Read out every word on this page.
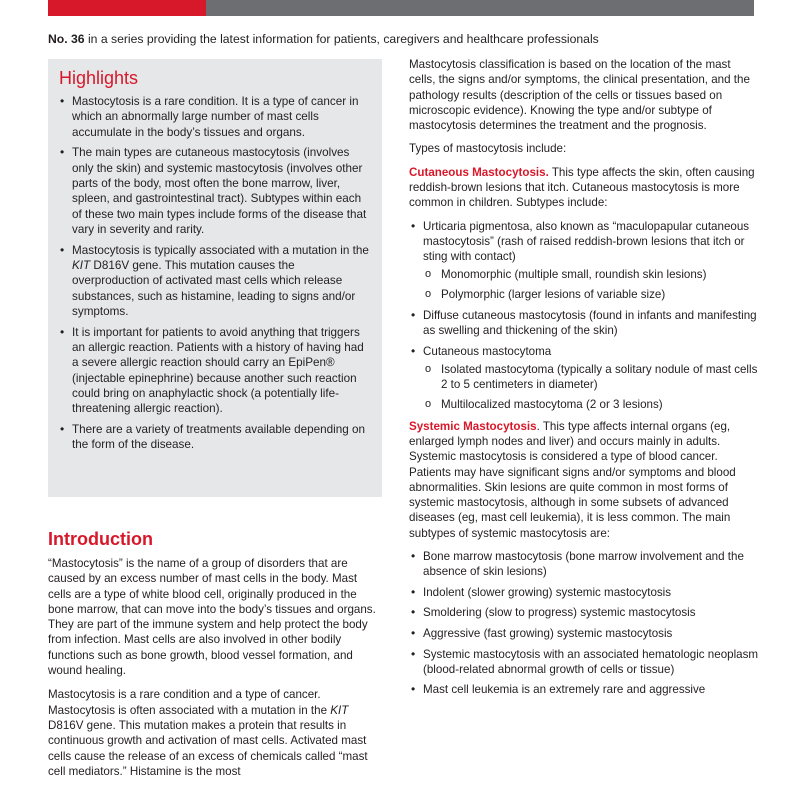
No. 36 in a series providing the latest information for patients, caregivers and healthcare professionals
Highlights
• Mastocytosis is a rare condition. It is a type of cancer in which an abnormally large number of mast cells accumulate in the body’s tissues and organs.
• The main types are cutaneous mastocytosis (involves only the skin) and systemic mastocytosis (involves other parts of the body, most often the bone marrow, liver, spleen, and gastrointestinal tract). Subtypes within each of these two main types include forms of the disease that vary in severity and rarity.
• Mastocytosis is typically associated with a mutation in the KIT D816V gene. This mutation causes the overproduction of activated mast cells which release substances, such as histamine, leading to signs and/or symptoms.
• It is important for patients to avoid anything that triggers an allergic reaction. Patients with a history of having had a severe allergic reaction should carry an EpiPen® (injectable epinephrine) because another such reaction could bring on anaphylactic shock (a potentially life-threatening allergic reaction).
• There are a variety of treatments available depending on the form of the disease.
Introduction

“Mastocytosis” is the name of a group of disorders that are caused by an excess number of mast cells in the body. Mast cells are a type of white blood cell, originally produced in the bone marrow, that can move into the body’s tissues and organs. They are part of the immune system and help protect the body from infection. Mast cells are also involved in other bodily functions such as bone growth, blood vessel formation, and wound healing.

Mastocytosis is a rare condition and a type of cancer. Mastocytosis is often associated with a mutation in the KIT D816V gene. This mutation makes a protein that results in continuous growth and activation of mast cells. Activated mast cells cause the release of an excess of chemicals called “mast cell mediators.” Histamine is the most

Mastocytosis classification is based on the location of the mast cells, the signs and/or symptoms, the clinical presentation, and the pathology results (description of the cells or tissues based on microscopic evidence). Knowing the type and/or subtype of mastocytosis determines the treatment and the prognosis.

Types of mastocytosis include:

Cutaneous Mastocytosis. This type affects the skin, often causing reddish-brown lesions that itch. Cutaneous mastocytosis is more common in children. Subtypes include:

• Urticaria pigmentosa, also known as “maculopapular cutaneous mastocytosis” (rash of raised reddish-brown lesions that itch or sting with contact)
o Monomorphic (multiple small, roundish skin lesions)
o Polymorphic (larger lesions of variable size)
• Diffuse cutaneous mastocytosis (found in infants and manifesting as swelling and thickening of the skin)
• Cutaneous mastocytoma
o Isolated mastocytoma (typically a solitary nodule of mast cells 2 to 5 centimeters in diameter)
o Multilocalized mastocytoma (2 or 3 lesions)

Systemic Mastocytosis. This type affects internal organs (eg, enlarged lymph nodes and liver) and occurs mainly in adults. Systemic mastocytosis is considered a type of blood cancer. Patients may have significant signs and/or symptoms and blood abnormalities. Skin lesions are quite common in most forms of systemic mastocytosis, although in some subsets of advanced diseases (eg, mast cell leukemia), it is less common. The main subtypes of systemic mastocytosis are:

• Bone marrow mastocytosis (bone marrow involvement and the absence of skin lesions)
• Indolent (slower growing) systemic mastocytosis
• Smoldering (slow to progress) systemic mastocytosis
• Aggressive (fast growing) systemic mastocytosis
• Systemic mastocytosis with an associated hematologic neoplasm (blood-related abnormal growth of cells or tissue)
• Mast cell leukemia is an extremely rare and aggressive
